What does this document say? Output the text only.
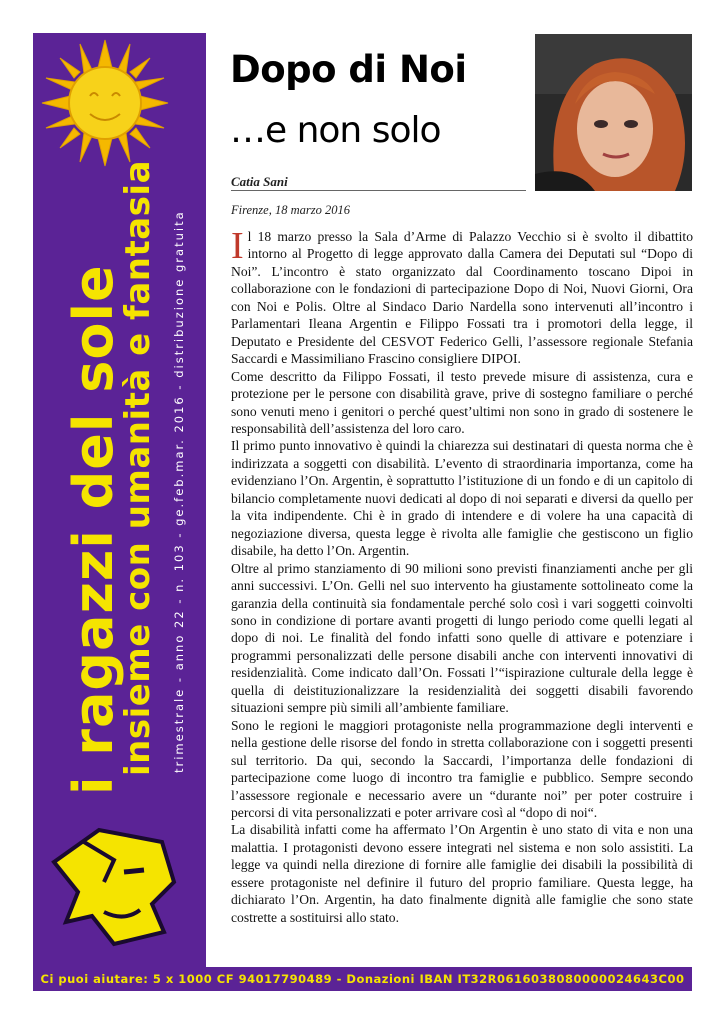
i ragazzi del sole
insieme con umanità e fantasia trimestrale - anno 22 - n. 103 - ge.feb.mar. 2016 - distribuzione gratuita
Dopo di Noi
…e non solo
Catia Sani
Firenze, 18 marzo 2016

Il 18 marzo presso la Sala d’Arme di Palazzo Vecchio si è svolto il dibattito intorno al Progetto di legge approvato dalla Camera dei Deputati sul “Dopo di Noi”. L’incontro è stato organizzato dal Coordinamento toscano Dipoi in collaborazione con le fondazioni di partecipazione Dopo di Noi, Nuovi Giorni, Ora con Noi e Polis. Oltre al Sindaco Dario Nardella sono intervenuti all’incontro i Parlamentari Ileana Argentin e Filippo Fossati tra i promotori della legge, il Deputato e Presidente del CESVOT Federico Gelli, l’assessore regionale Stefania Saccardi e Massimiliano Frascino consigliere DIPOI.

Come descritto da Filippo Fossati, il testo prevede misure di assistenza, cura e protezione per le persone con disabilità grave, prive di sostegno familiare o perché sono venuti meno i genitori o perché quest’ultimi non sono in grado di sostenere le responsabilità dell’assistenza del loro caro.

Il primo punto innovativo è quindi la chiarezza sui destinatari di questa norma che è indirizzata a soggetti con disabilità. L’evento di straordinaria importanza, come ha evidenziano l’On. Argentin, è soprattutto l’istituzione di un fondo e di un capitolo di bilancio completamente nuovi dedicati al dopo di noi separati e diversi da quello per la vita indipendente. Chi è in grado di intendere e di volere ha una capacità di negoziazione diversa, questa legge è rivolta alle famiglie che gestiscono un figlio disabile, ha detto l’On. Argentin.

Oltre al primo stanziamento di 90 milioni sono previsti finanziamenti anche per gli anni successivi. L’On. Gelli nel suo intervento ha giustamente sottolineato come la garanzia della continuità sia fondamentale perché solo così i vari soggetti coinvolti sono in condizione di portare avanti progetti di lungo periodo come quelli legati al dopo di noi. Le finalità del fondo infatti sono quelle di attivare e potenziare i programmi personalizzati delle persone disabili anche con interventi innovativi di residenzialità. Come indicato dall’On. Fossati l’“ispirazione culturale della legge è quella di deistituzionalizzare la residenzialità dei soggetti disabili favorendo situazioni sempre più simili all’ambiente familiare.

Sono le regioni le maggiori protagoniste nella programmazione degli interventi e nella gestione delle risorse del fondo in stretta collaborazione con i soggetti presenti sul territorio. Da qui, secondo la Saccardi, l’importanza delle fondazioni di partecipazione come luogo di incontro tra famiglie e pubblico. Sempre secondo l’assessore regionale e necessario avere un “durante noi” per poter costruire i percorsi di vita personalizzati e poter arrivare così al “dopo di noi“.

La disabilità infatti come ha affermato l’On Argentin è uno stato di vita e non una malattia. I protagonisti devono essere integrati nel sistema e non solo assistiti. La legge va quindi nella direzione di fornire alle famiglie dei disabili la possibilità di essere protagoniste nel definire il futuro del proprio familiare. Questa legge, ha dichiarato l’On. Argentin, ha dato finalmente dignità alle famiglie che sono state costrette a sostituirsi allo stato.

Ci puoi aiutare: 5 x 1000 CF 94017790489 - Donazioni IBAN IT32R0616038080000024643C00
